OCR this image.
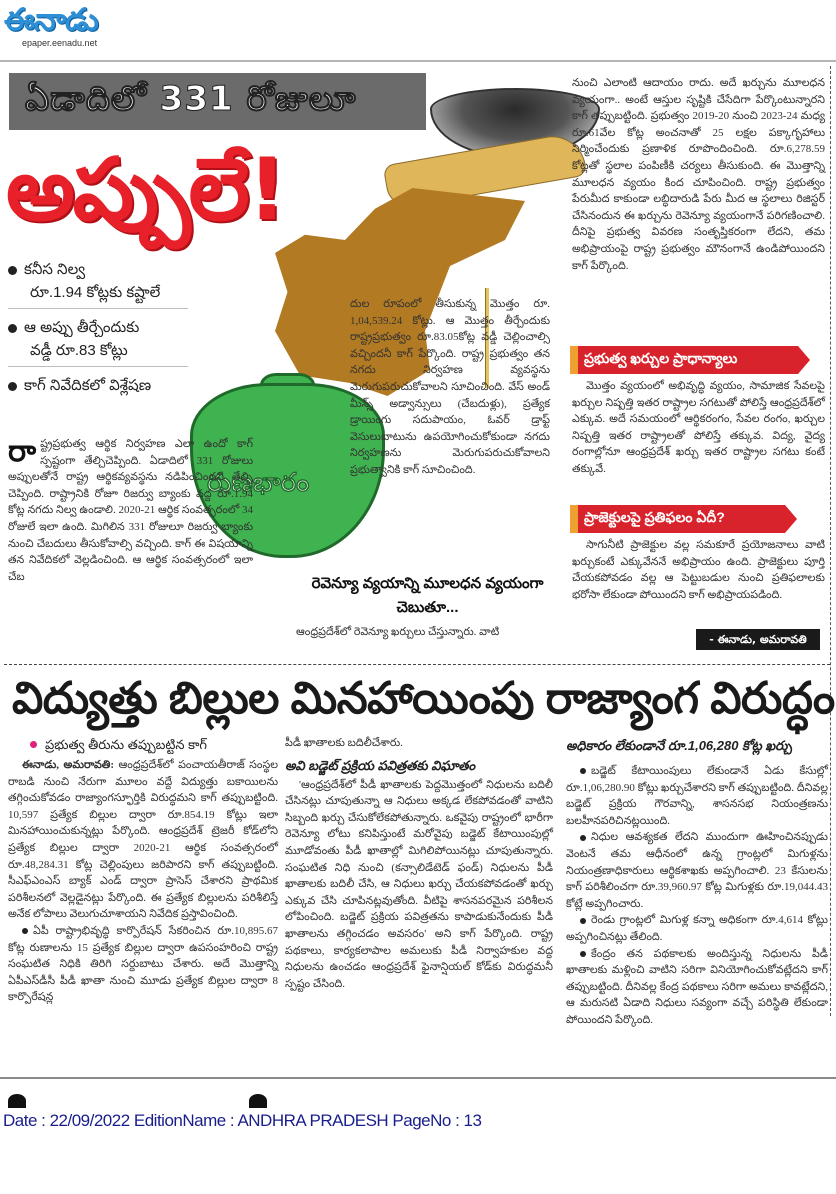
ఈనాడు
epaper.eenadu.net
ఏడాదిలో 331 రోజులూ
అప్పులే!
రుణభారం
కనీస నిల్వ
రూ.1.94 కోట్లకు కష్టాలే
ఆ అప్పు తీర్చేందుకు
వడ్డీ రూ.83 కోట్లు
కాగ్ నివేదికలో విశ్లేషణ
రాష్ట్రప్రభుత్వ ఆర్థిక నిర్వహణ ఎలా ఉందో కాగ్ స్పష్టంగా తేల్చిచెప్పింది. ఏడాదిలో 331 రోజులు అప్పులతోనే రాష్ట్ర ఆర్థికవ్యవస్థను నడిపించిందని తేల్చి చెప్పింది. రాష్ట్రానికి రోజూ రిజర్వు బ్యాంకు వద్ద రూ.1.94 కోట్ల నగదు నిల్వ ఉండాలి. 2020-21 ఆర్థిక సంవత్సరంలో 34 రోజులే ఇలా ఉంది. మిగిలిన 331 రోజులూ రిజర్వు బ్యాంకు నుంచి చేబదులు తీసుకోవాల్సి వచ్చింది. కాగ్ ఈ విషయాన్ని తన నివేదికలో వెల్లడించింది. ఆ ఆర్థిక సంవత్సరంలో ఇలా చేబ
దుల రూపంలో తీసుకున్న మొత్తం రూ. 1,04,539.24 కోట్లు. ఆ మొత్తం తీర్చేందుకు రాష్ట్రప్రభుత్వం రూ.83.05కోట్ల వడ్డీ చెల్లించాల్సి వచ్చిందనీ కాగ్ పేర్కొంది. రాష్ట్ర ప్రభుత్వం తన నగదు నిర్వహణ వ్యవస్థను మెరుగుపరుచుకోవాలని సూచించింది. వేస్ అండ్ మీన్స్ అడ్వాన్సులు (చేబదుళ్లు), ప్రత్యేక డ్రాయింగు సదుపాయం, ఓవర్ డ్రాఫ్ట్ వెసులుబాటును ఉపయోగించుకోకుండా నగదు నిర్వహణను మెరుగుపరుచుకోవాలని ప్రభుత్వానికి కాగ్ సూచించింది.
రెవెన్యూ వ్యయాన్ని మూలధన వ్యయంగా చెబుతూ...
ఆంధ్రప్రదేశ్‌లో రెవెన్యూ ఖర్చులు చేస్తున్నారు. వాటి
నుంచి ఎలాంటి ఆదాయం రాదు. అదే ఖర్చును మూలధన వ్యయంగా.. అంటే ఆస్తుల సృష్టికి చేసేదిగా పేర్కొంటున్నారని కాగ్ తప్పుబట్టింది. ప్రభుత్వం 2019-20 నుంచి 2023-24 మధ్య రూ.61వేల కోట్ల అంచనాతో 25 లక్షల పక్కాగృహాలు నిర్మించేందుకు ప్రణాళిక రూపొందించింది. రూ.6,278.59 కోట్లతో స్థలాల పంపిణీకి చర్యలు తీసుకుంది. ఈ మొత్తాన్ని మూలధన వ్యయం కింద చూపించింది. రాష్ట్ర ప్రభుత్వం పేరుమీద కాకుండా లబ్ధిదారుడి పేరు మీద ఆ స్థలాలు రిజిస్టర్ చేసినందున ఈ ఖర్చును రెవెన్యూ వ్యయంగానే పరిగణించాలి. దీనిపై ప్రభుత్వ వివరణ సంతృప్తికరంగా లేదని, తమ అభిప్రాయంపై రాష్ట్ర ప్రభుత్వం మౌనంగానే ఉండిపోయిందని కాగ్ పేర్కొంది.
ప్రభుత్వ ఖర్చుల ప్రాధాన్యాలు
మొత్తం వ్యయంలో అభివృద్ధి వ్యయం, సామాజిక సేవలపై ఖర్చుల నిష్పత్తి ఇతర రాష్ట్రాల సగటుతో పోలిస్తే ఆంధ్రప్రదేశ్‌లో ఎక్కువ. అదే సమయంలో ఆర్థికరంగం, సేవల రంగం, ఖర్చుల నిష్పత్తి ఇతర రాష్ట్రాలతో పోలిస్తే తక్కువ. విద్య, వైద్య రంగాల్లోనూ ఆంధ్రప్రదేశ్ ఖర్చు ఇతర రాష్ట్రాల సగటు కంటే తక్కువే.
ప్రాజెక్టులపై ప్రతిఫలం ఏదీ?
సాగునీటి ప్రాజెక్టుల వల్ల సమకూరే ప్రయోజనాలు వాటి ఖర్చుకంటే ఎక్కువేననే అభిప్రాయం ఉంది. ప్రాజెక్టులు పూర్తి చేయకపోవడం వల్ల ఆ పెట్టుబడుల నుంచి ప్రతిఫలాలకు భరోసా లేకుండా పోయిందని కాగ్ అభిప్రాయపడింది.
- ఈనాడు, అమరావతి
విద్యుత్తు బిల్లుల మినహాయింపు రాజ్యాంగ విరుద్ధం
ప్రభుత్వ తీరును తప్పుబట్టిన కాగ్
ఈనాడు, అమరావతి: ఆంధ్రప్రదేశ్‌లో పంచాయతీరాజ్ సంస్థల రాబడి నుంచి నేరుగా మూలం వద్దే విద్యుత్తు బకాయిలను తగ్గించుకోవడం రాజ్యాంగస్ఫూర్తికి విరుద్ధమని కాగ్ తప్పుబట్టింది. 10,597 ప్రత్యేక బిల్లుల ద్వారా రూ.854.19 కోట్లు ఇలా మినహాయించుకున్నట్లు పేర్కొంది. ఆంధ్రప్రదేశ్ ట్రెజరీ కోడ్‌లోని ప్రత్యేక బిల్లుల ద్వారా 2020-21 ఆర్థిక సంవత్సరంలో రూ.48,284.31 కోట్ల చెల్లింపులు జరిపారని కాగ్ తప్పుబట్టింది. సీఎఫ్ఎంఎస్ బ్యాక్ ఎండ్ ద్వారా ప్రాసెస్ చేశారని ప్రాథమిక పరిశీలనలో వెల్లడైనట్లు పేర్కొంది. ఈ ప్రత్యేక బిల్లులను పరిశీలిస్తే అనేక లోపాలు వెలుగుచూశాయని నివేదిక ప్రస్తావించింది.
ఏపీ రాష్ట్రాభివృద్ధి కార్పొరేషన్ సేకరించిన రూ.10,895.67 కోట్ల రుణాలను 15 ప్రత్యేక బిల్లుల ద్వారా ఉపసంహరించి రాష్ట్ర సంఘటిత నిధికి తిరిగి సర్దుబాటు చేశారు. అదే మొత్తాన్ని ఏపీఎస్‌డీసీ పీడీ ఖాతా నుంచి మూడు ప్రత్యేక బిల్లుల ద్వారా 8 కార్పొరేషన్ల
పీడీ ఖాతాలకు బదిలీచేశారు.
అవి బడ్జెట్ ప్రక్రియ పవిత్రతకు విఘాతం
'ఆంధ్రప్రదేశ్‌లో పీడీ ఖాతాలకు పెద్దమొత్తంలో నిధులను బదిలీ చేసినట్లు చూపుతున్నా ఆ నిధులు అక్కడ లేకపోవడంతో వాటిని సిబ్బంది ఖర్చు చేసుకోలేకపోతున్నారు. ఒకవైపు రాష్ట్రంలో భారీగా రెవెన్యూ లోటు కనిపిస్తుంటే మరోవైపు బడ్జెట్ కేటాయింపుల్లో మూడోవంతు పీడీ ఖాతాల్లో మిగిలిపోయినట్లు చూపుతున్నారు. సంఘటిత నిధి నుంచి (కన్సాలిడేటెడ్ ఫండ్) నిధులను పీడీ ఖాతాలకు బదిలీ చేసి, ఆ నిధులు ఖర్చు చేయకపోవడంతో ఖర్చు ఎక్కువ చేసి చూపినట్లవుతోంది. వీటిపై శాసనపరమైన పరిశీలన లోపించింది. బడ్జెట్ ప్రక్రియ పవిత్రతను కాపాడుకునేందుకు పీడీ ఖాతాలను తగ్గించడం అవసరం' అని కాగ్ పేర్కొంది. రాష్ట్ర పథకాలు, కార్యకలాపాల అమలుకు పీడీ నిర్వాహకుల వద్ద నిధులను ఉంచడం ఆంధ్రప్రదేశ్ ఫైనాన్షియల్ కోడ్‌కు విరుద్ధమనీ స్పష్టం చేసింది.
అధికారం లేకుండానే రూ.1,06,280 కోట్ల ఖర్చు
బడ్జెట్ కేటాయింపులు లేకుండానే ఏడు కేసుల్లో రూ.1,06,280.90 కోట్లు ఖర్చుచేశారని కాగ్ తప్పుబట్టింది. దీనివల్ల బడ్జెట్ ప్రక్రియ గౌరవాన్ని, శాసనసభ నియంత్రణను బలహీనపరిచినట్లయింది.
నిధుల ఆవశ్యకత లేదని ముందుగా ఊహించినప్పుడు వెంటనే తమ ఆధీనంలో ఉన్న గ్రాంట్లలో మిగుళ్లను నియంత్రణాధికారులు ఆర్థికశాఖకు అప్పగించాలి. 23 కేసులను కాగ్ పరిశీలించగా రూ.39,960.97 కోట్ల మిగుళ్లకు రూ.19,044.43 కోట్లే అప్పగించారు.
రెండు గ్రాంట్లలో మిగుళ్ల కన్నా అధికంగా రూ.4,614 కోట్లు అప్పగించినట్లు తేలింది.
కేంద్రం తన పథకాలకు అందిస్తున్న నిధులను పీడీ ఖాతాలకు మళ్లించి వాటిని సరిగా వినియోగించుకోవట్లేదని కాగ్ తప్పుబట్టింది. దీనివల్ల కేంద్ర పథకాలు సరిగా అమలు కావట్లేదని, ఆ మరుసటి ఏడాది నిధులు సవ్యంగా వచ్చే పరిస్థితి లేకుండా పోయిందని పేర్కొంది.
Date : 22/09/2022 EditionName : ANDHRA PRADESH PageNo : 13
